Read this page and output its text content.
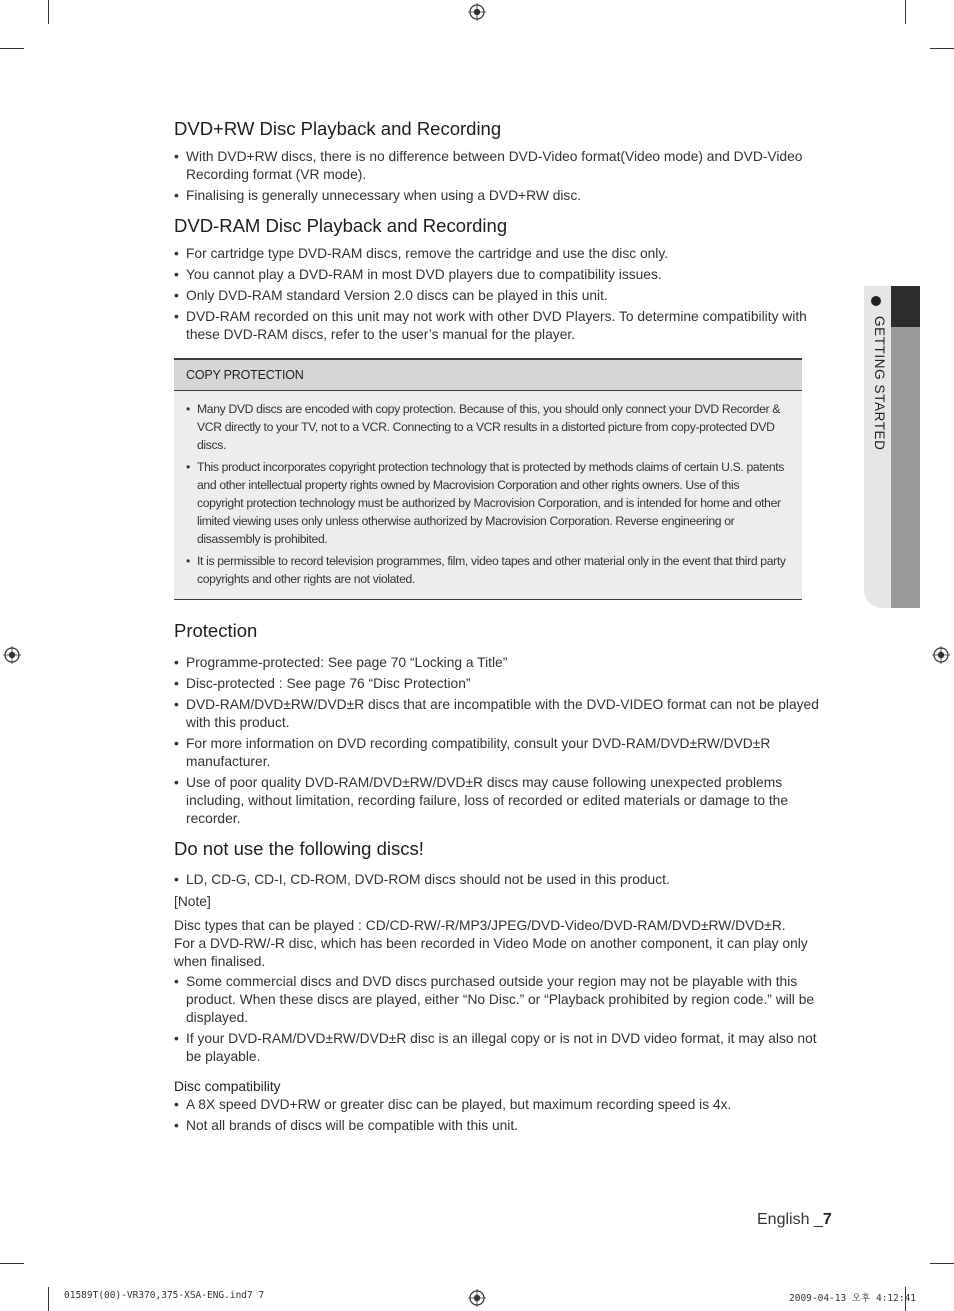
GETTING STARTED
DVD+RW Disc Playback and Recording
• With DVD+RW discs, there is no difference between DVD-Video format(Video mode) and DVD-Video Recording format (VR mode).
• Finalising is generally unnecessary when using a DVD+RW disc.
DVD-RAM Disc Playback and Recording
• For cartridge type DVD-RAM discs, remove the cartridge and use the disc only.
• You cannot play a DVD-RAM in most DVD players due to compatibility issues.
• Only DVD-RAM standard Version 2.0 discs can be played in this unit.
• DVD-RAM recorded on this unit may not work with other DVD Players. To determine compatibility with these DVD-RAM discs, refer to the user’s manual for the player.
COPY PROTECTION
• Many DVD discs are encoded with copy protection. Because of this, you should only connect your DVD Recorder & VCR directly to your TV, not to a VCR. Connecting to a VCR results in a distorted picture from copy-protected DVD discs.
• This product incorporates copyright protection technology that is protected by methods claims of certain U.S. patents and other intellectual property rights owned by Macrovision Corporation and other rights owners. Use of this copyright protection technology must be authorized by Macrovision Corporation, and is intended for home and other limited viewing uses only unless otherwise authorized by Macrovision Corporation. Reverse engineering or disassembly is prohibited.
• It is permissible to record television programmes, film, video tapes and other material only in the event that third party copyrights and other rights are not violated.
Protection
• Programme-protected: See page 70 “Locking a Title”
• Disc-protected : See page 76 “Disc Protection”
• DVD-RAM/DVD±RW/DVD±R discs that are incompatible with the DVD-VIDEO format can not be played with this product.
• For more information on DVD recording compatibility, consult your DVD-RAM/DVD±RW/DVD±R manufacturer.
• Use of poor quality DVD-RAM/DVD±RW/DVD±R discs may cause following unexpected problems including, without limitation, recording failure, loss of recorded or edited materials or damage to the recorder.
Do not use the following discs!
• LD, CD-G, CD-I, CD-ROM, DVD-ROM discs should not be used in this product.

[Note]

Disc types that can be played : CD/CD-RW/-R/MP3/JPEG/DVD-Video/DVD-RAM/DVD±RW/DVD±R.

For a DVD-RW/-R disc, which has been recorded in Video Mode on another component, it can play only when finalised.

• Some commercial discs and DVD discs purchased outside your region may not be playable with this product. When these discs are played, either “No Disc.” or “Playback prohibited by region code.” will be displayed.
• If your DVD-RAM/DVD±RW/DVD±R disc is an illegal copy or is not in DVD video format, it may also not be playable.
Disc compatibility
• A 8X speed DVD+RW or greater disc can be played, but maximum recording speed is 4x.
• Not all brands of discs will be compatible with this unit.
English _7
01589T(00)-VR370,375-XSA-ENG.ind7 7	2009-04-13 오후 4:12:41
